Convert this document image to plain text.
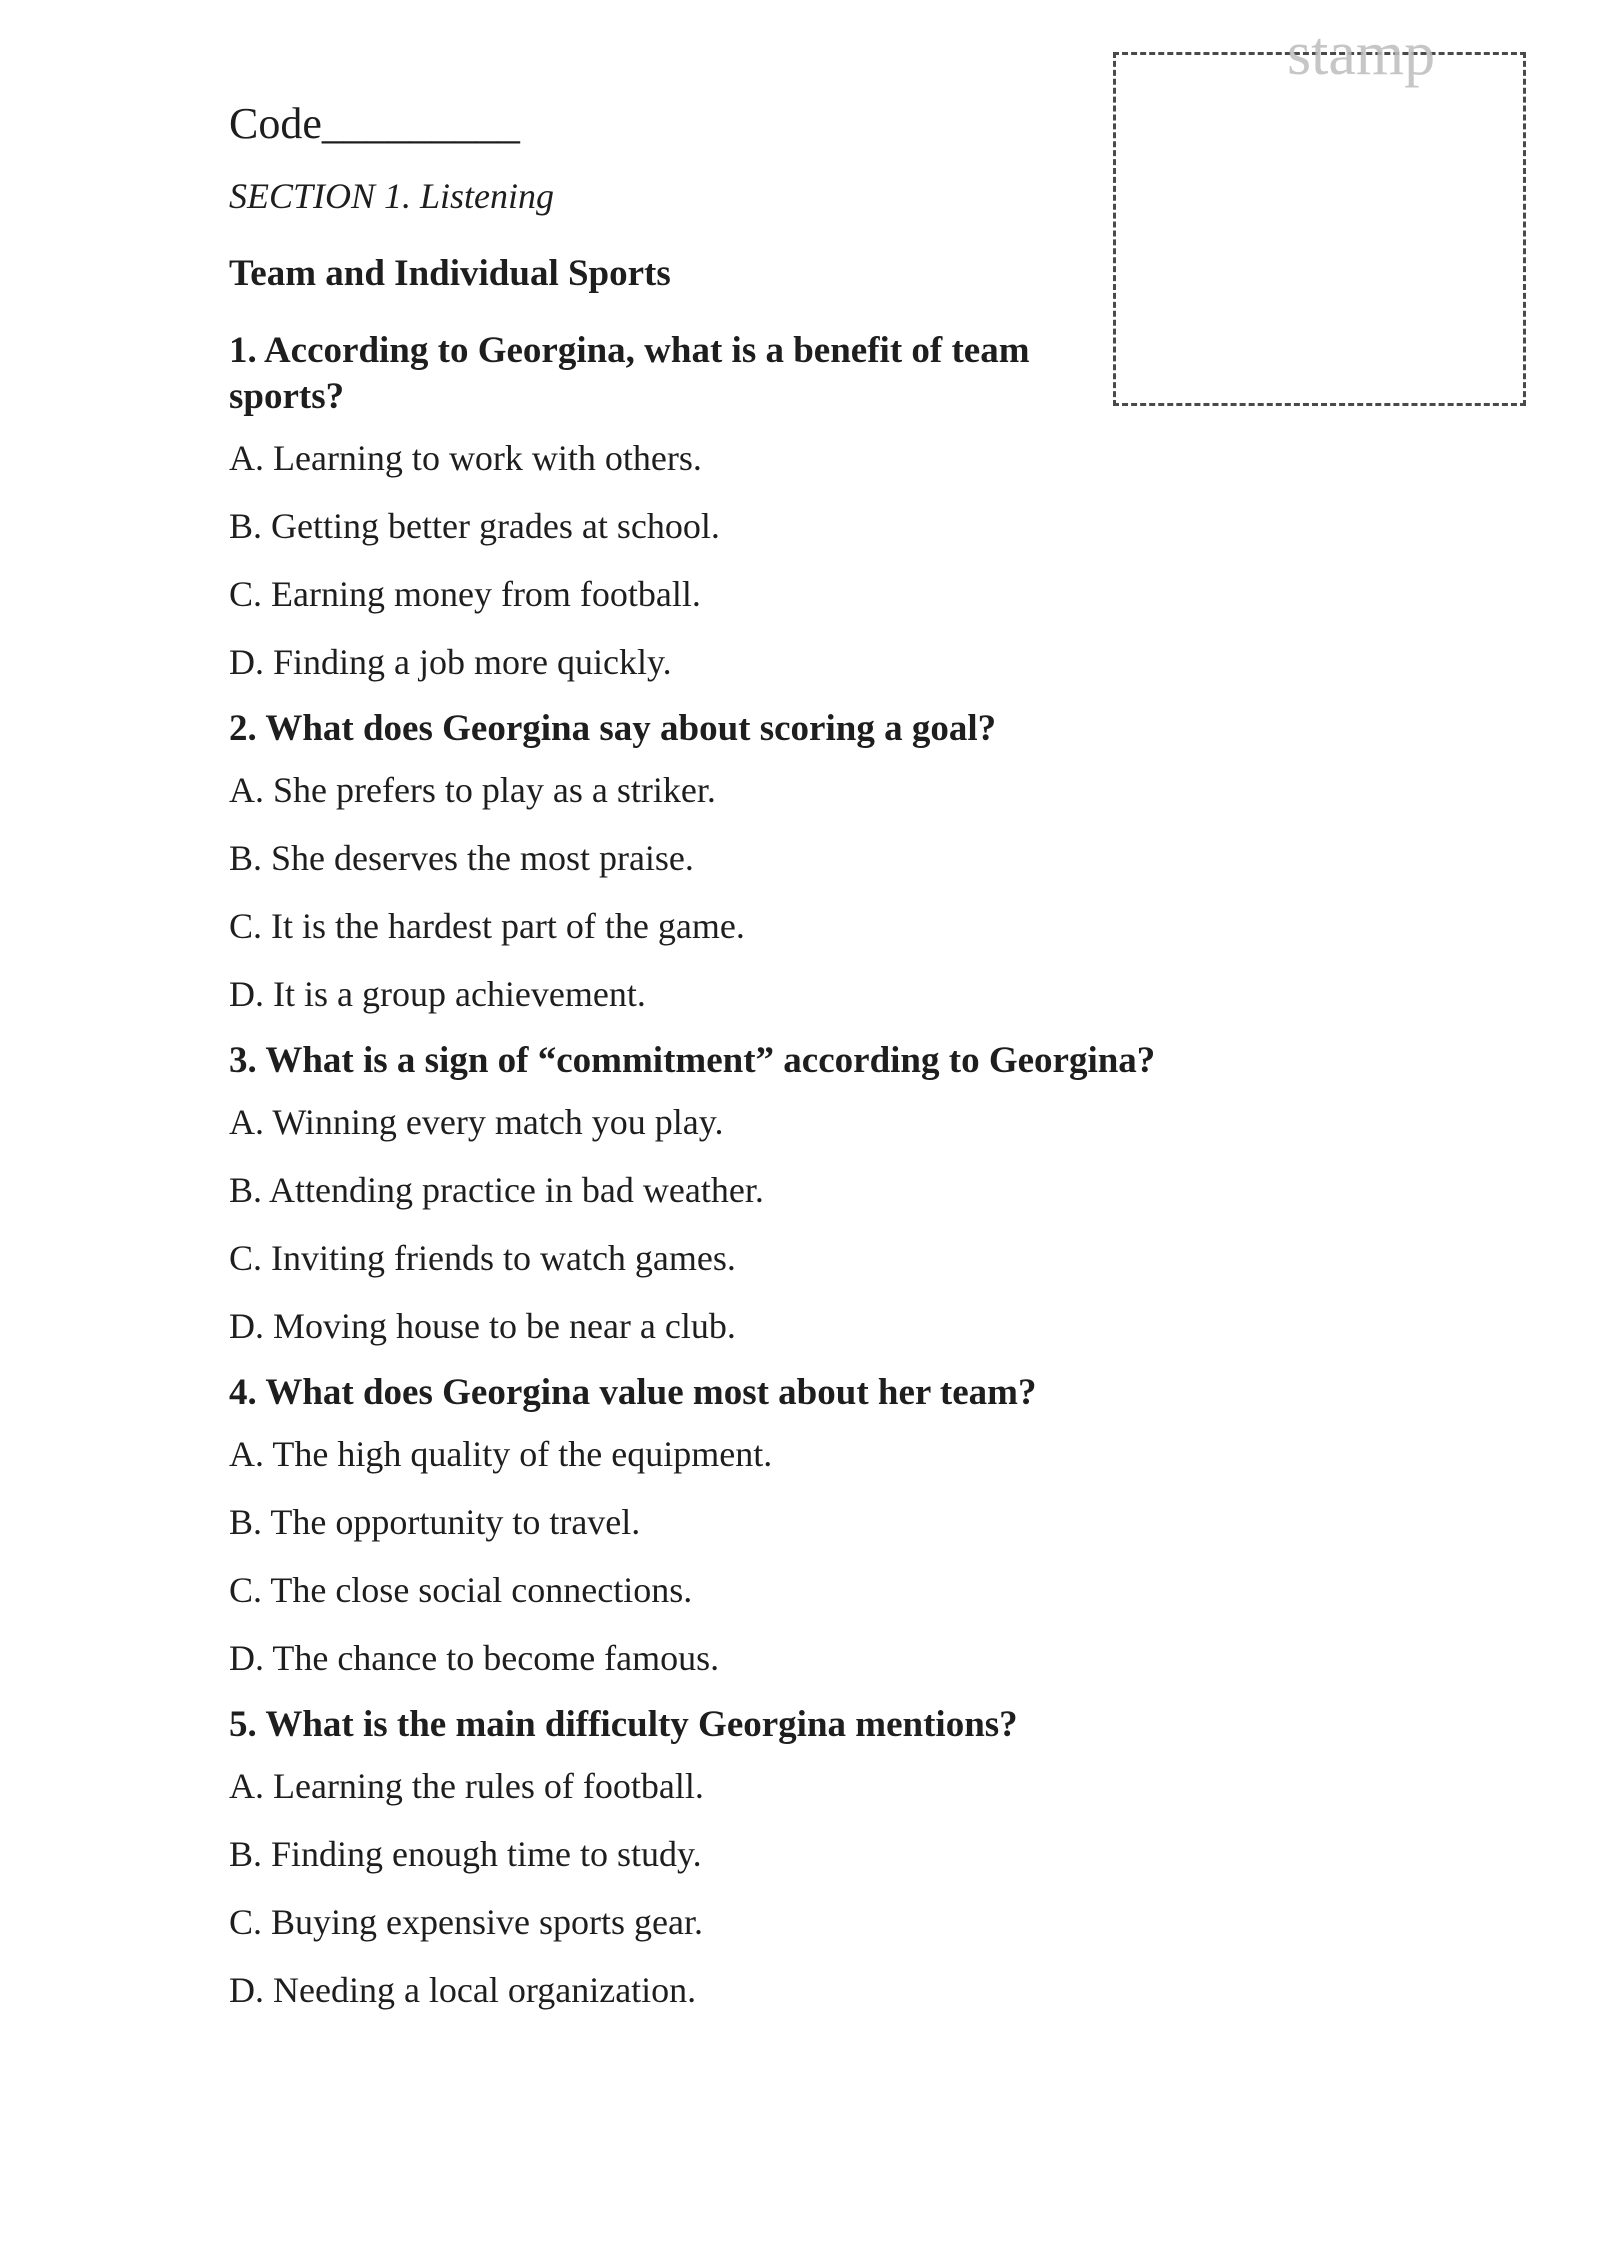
stamp
Code_________
SECTION 1. Listening
Team and Individual Sports
1. According to Georgina, what is a benefit of team sports?
A. Learning to work with others.
B. Getting better grades at school.
C. Earning money from football.
D. Finding a job more quickly.
2. What does Georgina say about scoring a goal?
A. She prefers to play as a striker.
B. She deserves the most praise.
C. It is the hardest part of the game.
D. It is a group achievement.
3. What is a sign of “commitment” according to Georgina?
A. Winning every match you play.
B. Attending practice in bad weather.
C. Inviting friends to watch games.
D. Moving house to be near a club.
4. What does Georgina value most about her team?
A. The high quality of the equipment.
B. The opportunity to travel.
C. The close social connections.
D. The chance to become famous.
5. What is the main difficulty Georgina mentions?
A. Learning the rules of football.
B. Finding enough time to study.
C. Buying expensive sports gear.
D. Needing a local organization.
